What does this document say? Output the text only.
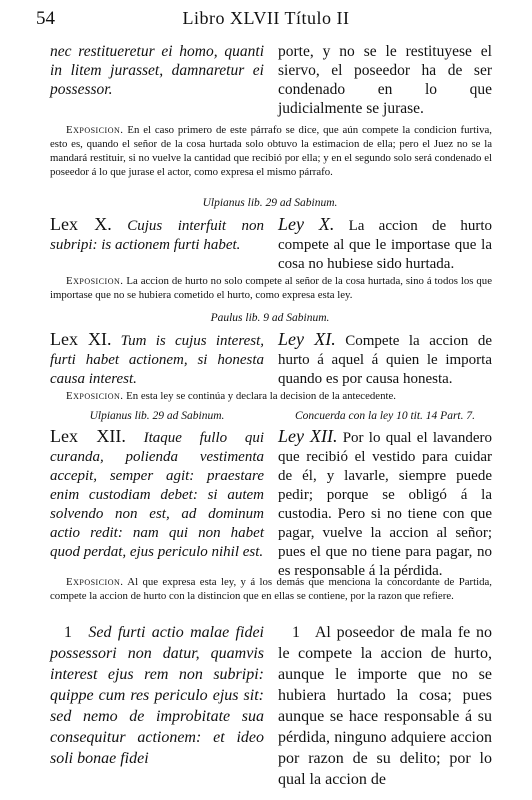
54	Libro XLVII Título II
nec restitueretur ei homo, quanti in litem jurasset, damnaretur ei possessor.
porte, y no se le restituyese el siervo, el poseedor ha de ser condenado en lo que judicialmente se jurase.
Exposicion. En el caso primero de este párrafo se dice, que aún compete la condicion furtiva, esto es, quando el señor de la cosa hurtada solo obtuvo la estimacion de ella; pero el Juez no se la mandará restituir, si no vuelve la cantidad que recibió por ella; y en el segundo solo será condenado el poseedor á lo que jurase el actor, como expresa el mismo párrafo.
Ulpianus lib. 29 ad Sabinum.
Lex X. Cujus interfuit non subripi: is actionem furti habet.
Ley X. La accion de hurto compete al que le importase que la cosa no hubiese sido hurtada.
Exposicion. La accion de hurto no solo compete al señor de la cosa hurtada, sino á todos los que importase que no se hubiera cometido el hurto, como expresa esta ley.
Paulus lib. 9 ad Sabinum.
Lex XI. Tum is cujus interest, furti habet actionem, si honesta causa interest.
Ley XI. Compete la accion de hurto á aquel á quien le importa quando es por causa honesta.
Exposicion. En esta ley se continúa y declara la decision de la antecedente.
Ulpianus lib. 29 ad Sabinum.	Concuerda con la ley 10 tit. 14 Part. 7.
Lex XII. Itaque fullo qui curanda, polienda vestimenta accepit, semper agit: praestare enim custodiam debet: si autem solvendo non est, ad dominum actio redit: nam qui non habet quod perdat, ejus periculo nihil est.
Ley XII. Por lo qual el lavandero que recibió el vestido para cuidar de él, y lavarle, siempre puede pedir; porque se obligó á la custodia. Pero si no tiene con que pagar, vuelve la accion al señor; pues el que no tiene para pagar, no es responsable á la pérdida.
Exposicion. Al que expresa esta ley, y á los demás que menciona la concordante de Partida, compete la accion de hurto con la distincion que en ellas se contiene, por la razon que refiere.
1 Sed furti actio malae fidei possessori non datur, quamvis interest ejus rem non subripi: quippe cum res periculo ejus sit: sed nemo de improbitate sua consequitur actionem: et ideo soli bonae fidei
1 Al poseedor de mala fe no le compete la accion de hurto, aunque le importe que no se hubiera hurtado la cosa; pues aunque se hace responsable á su pérdida, ninguno adquiere accion por razon de su delito; por lo qual la accion de
